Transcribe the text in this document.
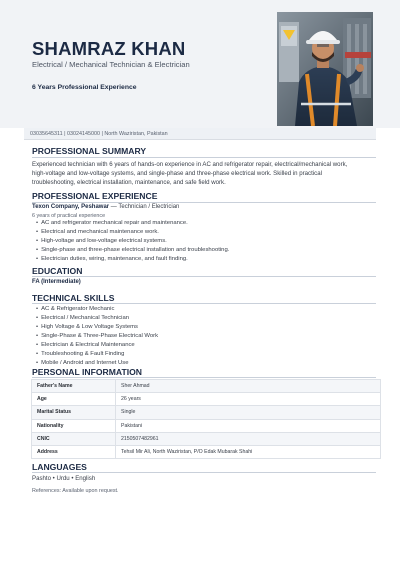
SHAMRAZ KHAN
Electrical / Mechanical Technician & Electrician
6 Years Professional Experience
03035645311 | 03024145000 | North Waziristan, Pakistan
PROFESSIONAL SUMMARY
Experienced technician with 6 years of hands-on experience in AC and refrigerator repair, electrical/mechanical work,
high-voltage and low-voltage systems, and single-phase and three-phase electrical work. Skilled in practical
troubleshooting, electrical installation, maintenance, and safe field work.
PROFESSIONAL EXPERIENCE
Texon Company, Peshawar — Technician / Electrician
6 years of practical experience
• AC and refrigerator mechanical repair and maintenance.
• Electrical and mechanical maintenance work.
• High-voltage and low-voltage electrical systems.
• Single-phase and three-phase electrical installation and troubleshooting.
• Electrician duties, wiring, maintenance, and fault finding.
EDUCATION
FA (Intermediate)
TECHNICAL SKILLS
• AC & Refrigerator Mechanic
• Electrical / Mechanical Technician
• High Voltage & Low Voltage Systems
• Single-Phase & Three-Phase Electrical Work
• Electrician & Electrical Maintenance
• Troubleshooting & Fault Finding
• Mobile / Android and Internet Use
PERSONAL INFORMATION
Father's Name	Sher Ahmad
Age	26 years
Marital Status	Single
Nationality	Pakistani
CNIC	2150507482961
Address	Tehsil Mir Ali, North Waziristan, P/O Edak Mubarak Shahi
LANGUAGES
Pashto • Urdu • English
References: Available upon request.
